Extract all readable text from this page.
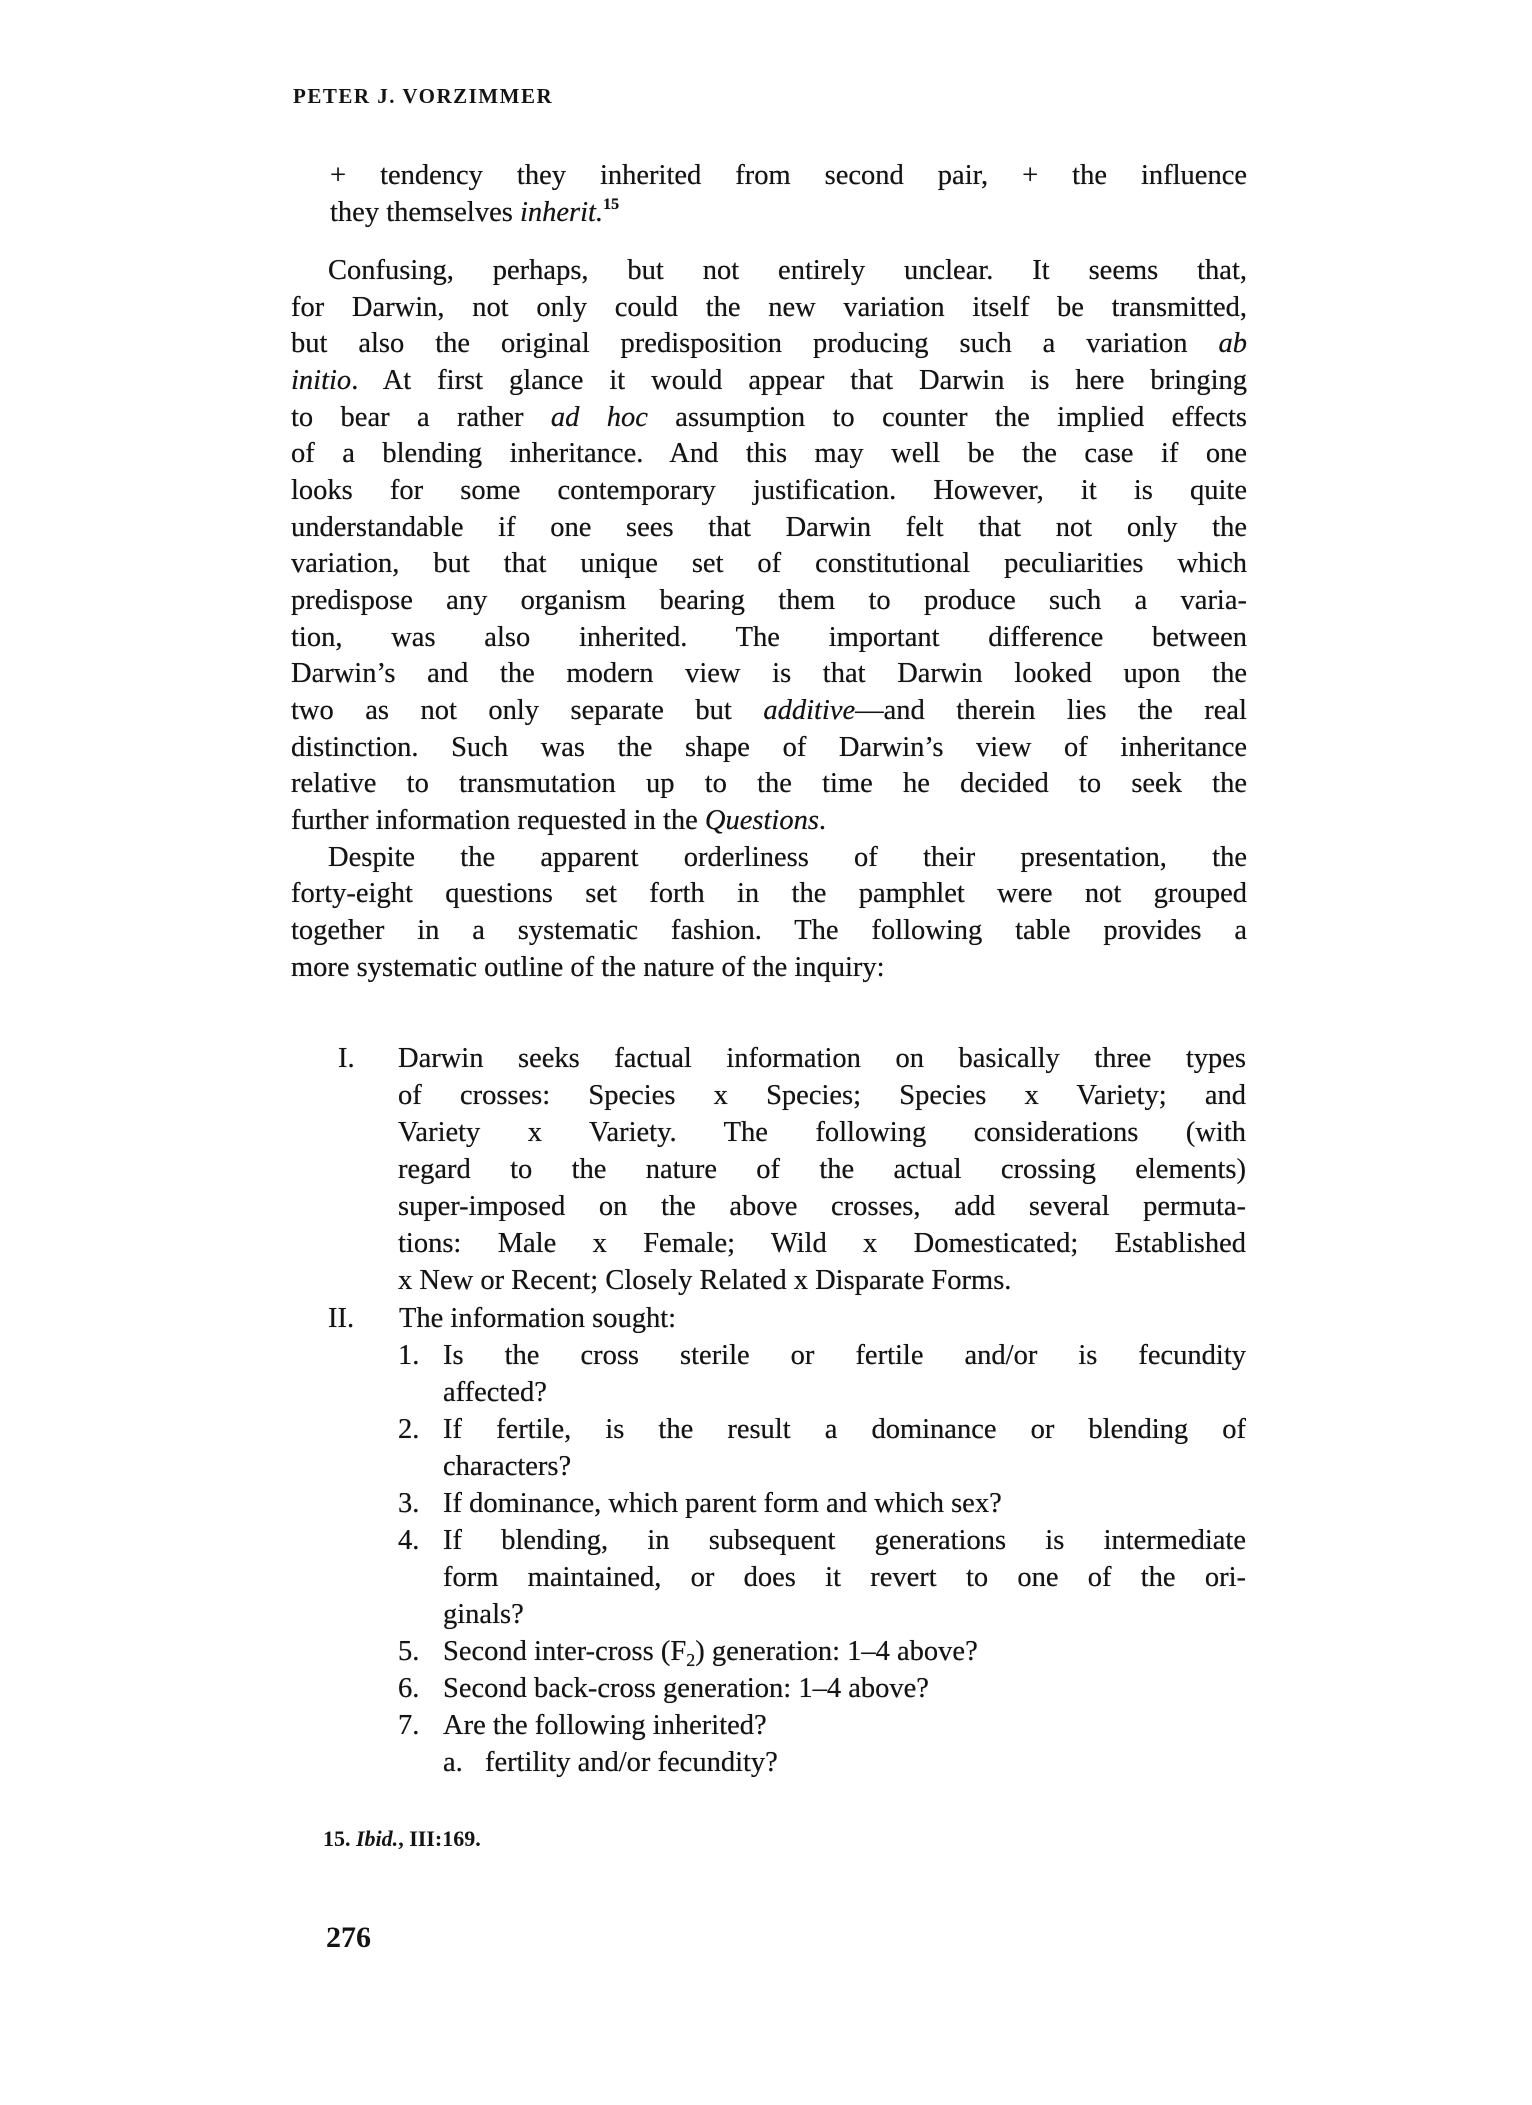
PETER J. VORZIMMER
+ tendency they inherited from second pair, + the influence
they themselves inherit.$^{15}$
Confusing, perhaps, but not entirely unclear. It seems that,
for Darwin, not only could the new variation itself be transmitted,
but also the original predisposition producing such a variation ab
initio. At first glance it would appear that Darwin is here bringing
to bear a rather ad hoc assumption to counter the implied effects
of a blending inheritance. And this may well be the case if one
looks for some contemporary justification. However, it is quite
understandable if one sees that Darwin felt that not only the
variation, but that unique set of constitutional peculiarities which
predispose any organism bearing them to produce such a varia-
tion, was also inherited. The important difference between
Darwin’s and the modern view is that Darwin looked upon the
two as not only separate but additive—and therein lies the real
distinction. Such was the shape of Darwin’s view of inheritance
relative to transmutation up to the time he decided to seek the
further information requested in the Questions.
Despite the apparent orderliness of their presentation, the
forty-eight questions set forth in the pamphlet were not grouped
together in a systematic fashion. The following table provides a
more systematic outline of the nature of the inquiry:
I. Darwin seeks factual information on basically three types
of crosses: Species x Species; Species x Variety; and
Variety x Variety. The following considerations (with
regard to the nature of the actual crossing elements)
super-imposed on the above crosses, add several permuta-
tions: Male x Female; Wild x Domesticated; Established
x New or Recent; Closely Related x Disparate Forms.
II. The information sought:
1. Is the cross sterile or fertile and/or is fecundity
affected?
2. If fertile, is the result a dominance or blending of
characters?
3. If dominance, which parent form and which sex?
4. If blending, in subsequent generations is intermediate
form maintained, or does it revert to one of the ori-
ginals?
5. Second inter-cross $(F_2)$ generation: 1–4 above?
6. Second back-cross generation: 1–4 above?
7. Are the following inherited?
a. fertility and/or fecundity?
15. Ibid., III:169.
276
